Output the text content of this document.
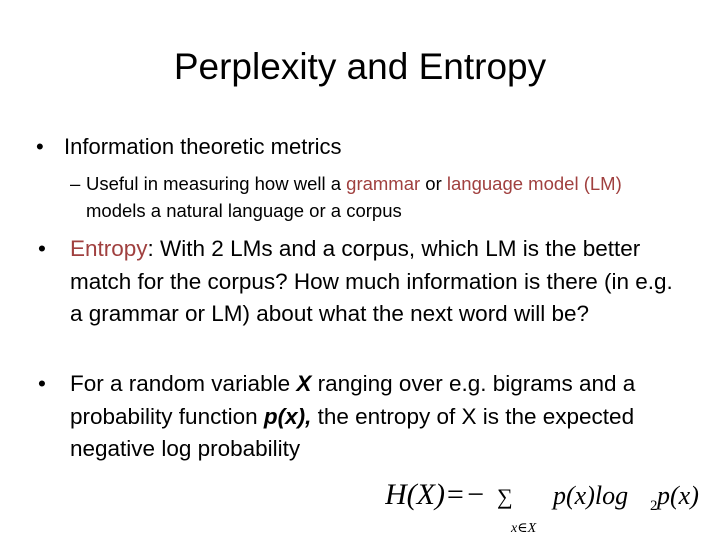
Perplexity and Entropy
• Information theoretic metrics
– Useful in measuring how well a grammar or language model (LM) models a natural language or a corpus
• Entropy: With 2 LMs and a corpus, which LM is the better match for the corpus? How much information is there (in e.g. a grammar or LM) about what the next word will be?
• For a random variable X ranging over e.g. bigrams and a probability function p(x), the entropy of X is the expected negative log probability
H(X)=− ∑ p(x)log 2 p(x)
x∈X
